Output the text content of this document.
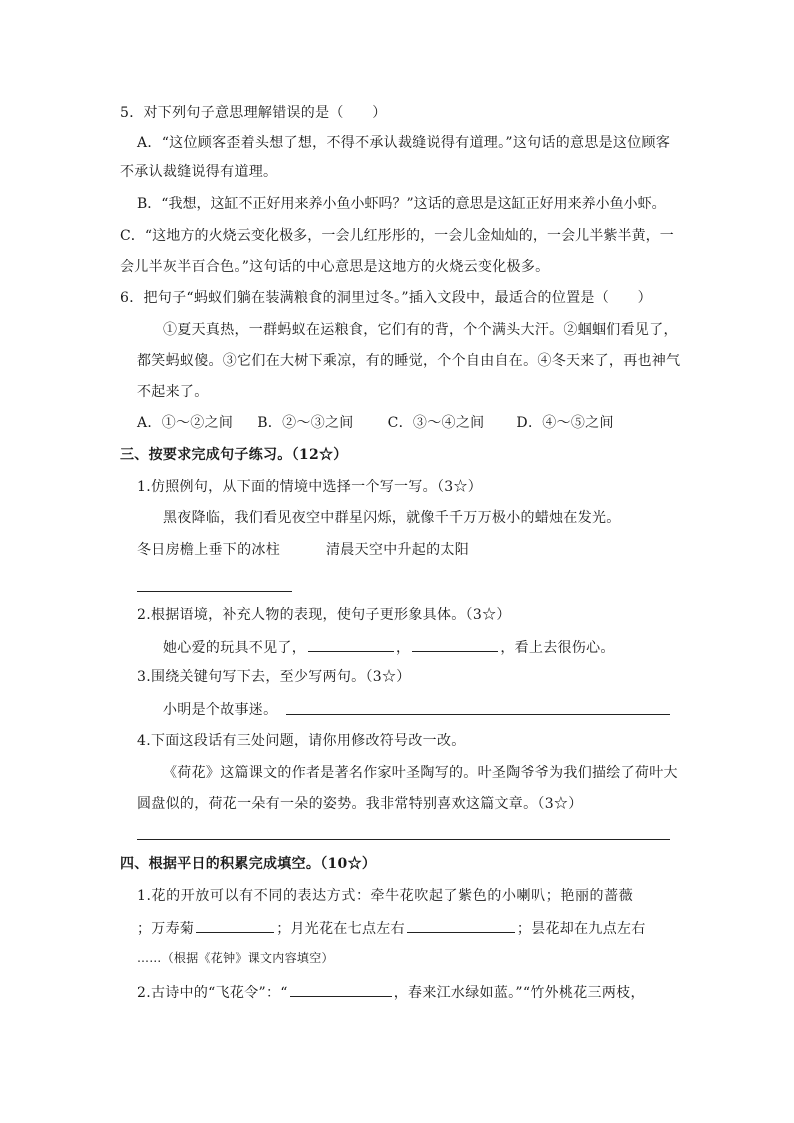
5．对下列句子意思理解错误的是（　　）
A．“这位顾客歪着头想了想，不得不承认裁缝说得有道理。”这句话的意思是这位顾客
不承认裁缝说得有道理。
B．“我想，这缸不正好用来养小鱼小虾吗？”这话的意思是这缸正好用来养小鱼小虾。
C．“这地方的火烧云变化极多，一会儿红彤彤的，一会儿金灿灿的，一会儿半紫半黄，一
会儿半灰半百合色。”这句话的中心意思是这地方的火烧云变化极多。
6．把句子“蚂蚁们躺在装满粮食的洞里过冬。”插入文段中，最适合的位置是（　　）
①夏天真热，一群蚂蚁在运粮食，它们有的背，个个满头大汗。②蝈蝈们看见了，
都笑蚂蚁傻。③它们在大树下乘凉，有的睡觉，个个自由自在。④冬天来了，再也神气
不起来了。
A．①～②之间 B．②～③之间 C．③～④之间 D．④～⑤之间
三、按要求完成句子练习。（12☆）
1.仿照例句，从下面的情境中选择一个写一写。（3☆）
黑夜降临，我们看见夜空中群星闪烁，就像千千万万极小的蜡烛在发光。
冬日房檐上垂下的冰柱	清晨天空中升起的太阳
2.根据语境，补充人物的表现，使句子更形象具体。（3☆）
她心爱的玩具不见了，	，	，看上去很伤心。
3.围绕关键句写下去，至少写两句。（3☆）
小明是个故事迷。
4.下面这段话有三处问题，请你用修改符号改一改。
《荷花》这篇课文的作者是著名作家叶圣陶写的。叶圣陶爷爷为我们描绘了荷叶大
圆盘似的，荷花一朵有一朵的姿势。我非常特别喜欢这篇文章。（3☆）
四、根据平日的积累完成填空。（10☆）
1.花的开放可以有不同的表达方式：牵牛花吹起了紫色的小喇叭；艳丽的蔷薇
；万寿菊	；月光花在七点左右	；昙花却在九点左右
……（根据《花钟》课文内容填空）
2.古诗中的“飞花令”：“	，春来江水绿如蓝。”“竹外桃花三两枝，
